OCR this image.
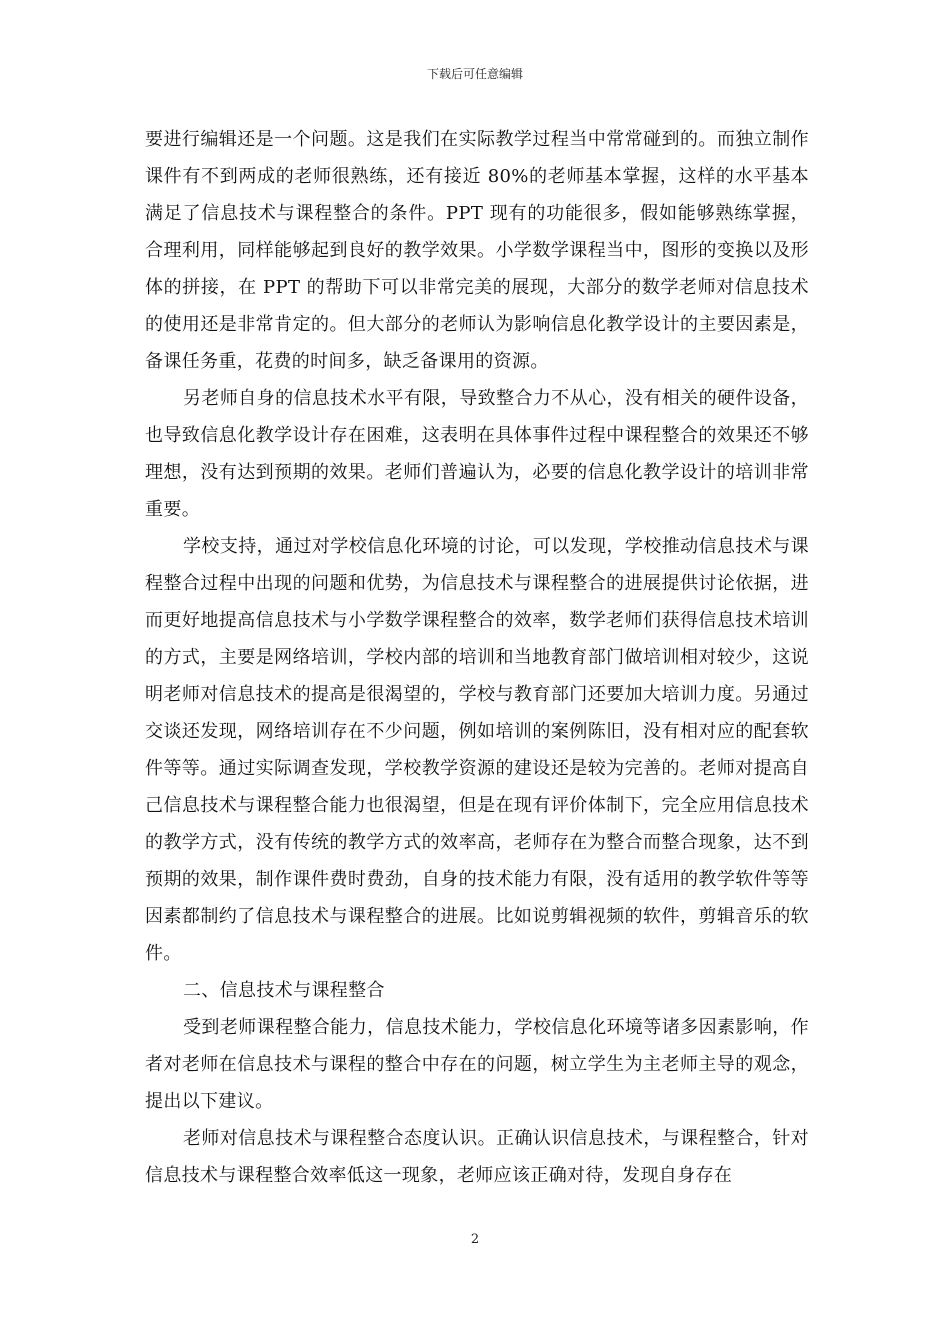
下载后可任意编辑

要进行编辑还是一个问题。这是我们在实际教学过程当中常常碰到的。而独立制作课件有不到两成的老师很熟练，还有接近 80%的老师基本掌握，这样的水平基本满足了信息技术与课程整合的条件。PPT 现有的功能很多，假如能够熟练掌握，合理利用，同样能够起到良好的教学效果。小学数学课程当中，图形的变换以及形体的拼接，在 PPT 的帮助下可以非常完美的展现，大部分的数学老师对信息技术的使用还是非常肯定的。但大部分的老师认为影响信息化教学设计的主要因素是，备课任务重，花费的时间多，缺乏备课用的资源。

另老师自身的信息技术水平有限，导致整合力不从心，没有相关的硬件设备，也导致信息化教学设计存在困难，这表明在具体事件过程中课程整合的效果还不够理想，没有达到预期的效果。老师们普遍认为，必要的信息化教学设计的培训非常重要。

学校支持，通过对学校信息化环境的讨论，可以发现，学校推动信息技术与课程整合过程中出现的问题和优势，为信息技术与课程整合的进展提供讨论依据，进而更好地提高信息技术与小学数学课程整合的效率，数学老师们获得信息技术培训的方式，主要是网络培训，学校内部的培训和当地教育部门做培训相对较少，这说明老师对信息技术的提高是很渴望的，学校与教育部门还要加大培训力度。另通过交谈还发现，网络培训存在不少问题，例如培训的案例陈旧，没有相对应的配套软件等等。通过实际调查发现，学校教学资源的建设还是较为完善的。老师对提高自己信息技术与课程整合能力也很渴望，但是在现有评价体制下，完全应用信息技术的教学方式，没有传统的教学方式的效率高，老师存在为整合而整合现象，达不到预期的效果，制作课件费时费劲，自身的技术能力有限，没有适用的教学软件等等因素都制约了信息技术与课程整合的进展。比如说剪辑视频的软件，剪辑音乐的软件。

二、信息技术与课程整合

受到老师课程整合能力，信息技术能力，学校信息化环境等诸多因素影响，作者对老师在信息技术与课程的整合中存在的问题，树立学生为主老师主导的观念，提出以下建议。

老师对信息技术与课程整合态度认识。正确认识信息技术，与课程整合，针对信息技术与课程整合效率低这一现象，老师应该正确对待，发现自身存在

2
